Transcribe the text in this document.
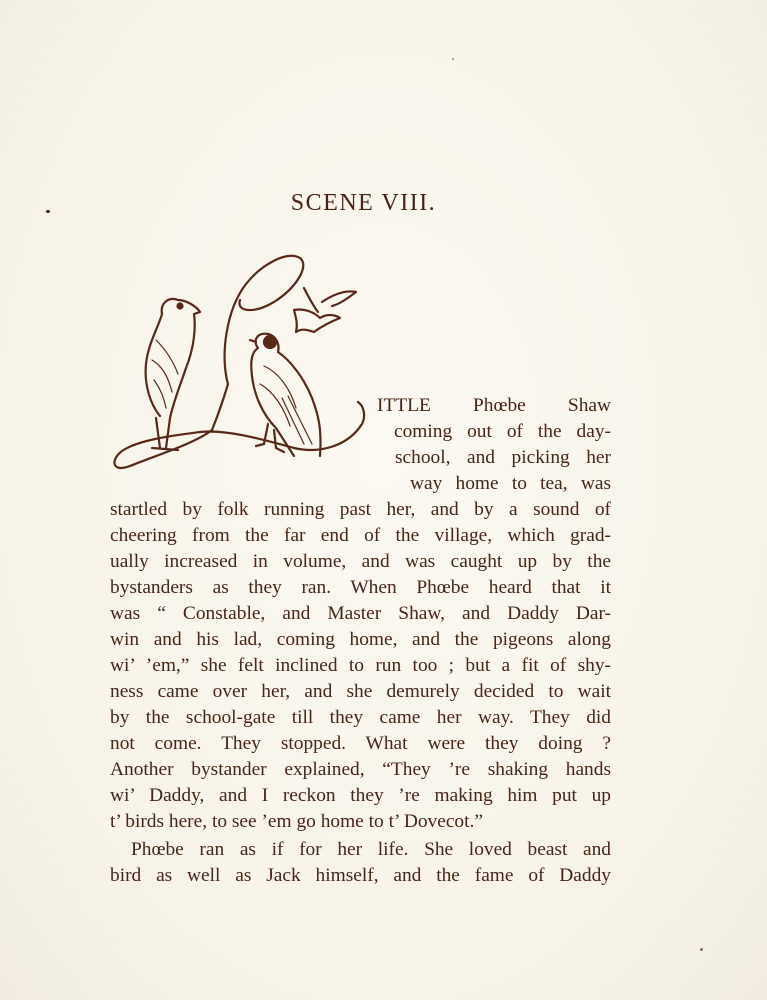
SCENE VIII.
ITTLE Phœbe Shaw
coming out of the day-
school, and picking her
way home to tea, was
startled by folk running past her, and by a sound of
cheering from the far end of the village, which grad-
ually increased in volume, and was caught up by the
bystanders as they ran. When Phœbe heard that it
was “ Constable, and Master Shaw, and Daddy Dar-
win and his lad, coming home, and the pigeons along
wi’ ’em,” she felt inclined to run too ; but a fit of shy-
ness came over her, and she demurely decided to wait
by the school-gate till they came her way. They did
not come. They stopped. What were they doing ?
Another bystander explained, “They ’re shaking hands
wi’ Daddy, and I reckon they ’re making him put up
t’ birds here, to see ’em go home to t’ Dovecot.”
Phœbe ran as if for her life. She loved beast and
bird as well as Jack himself, and the fame of Daddy
